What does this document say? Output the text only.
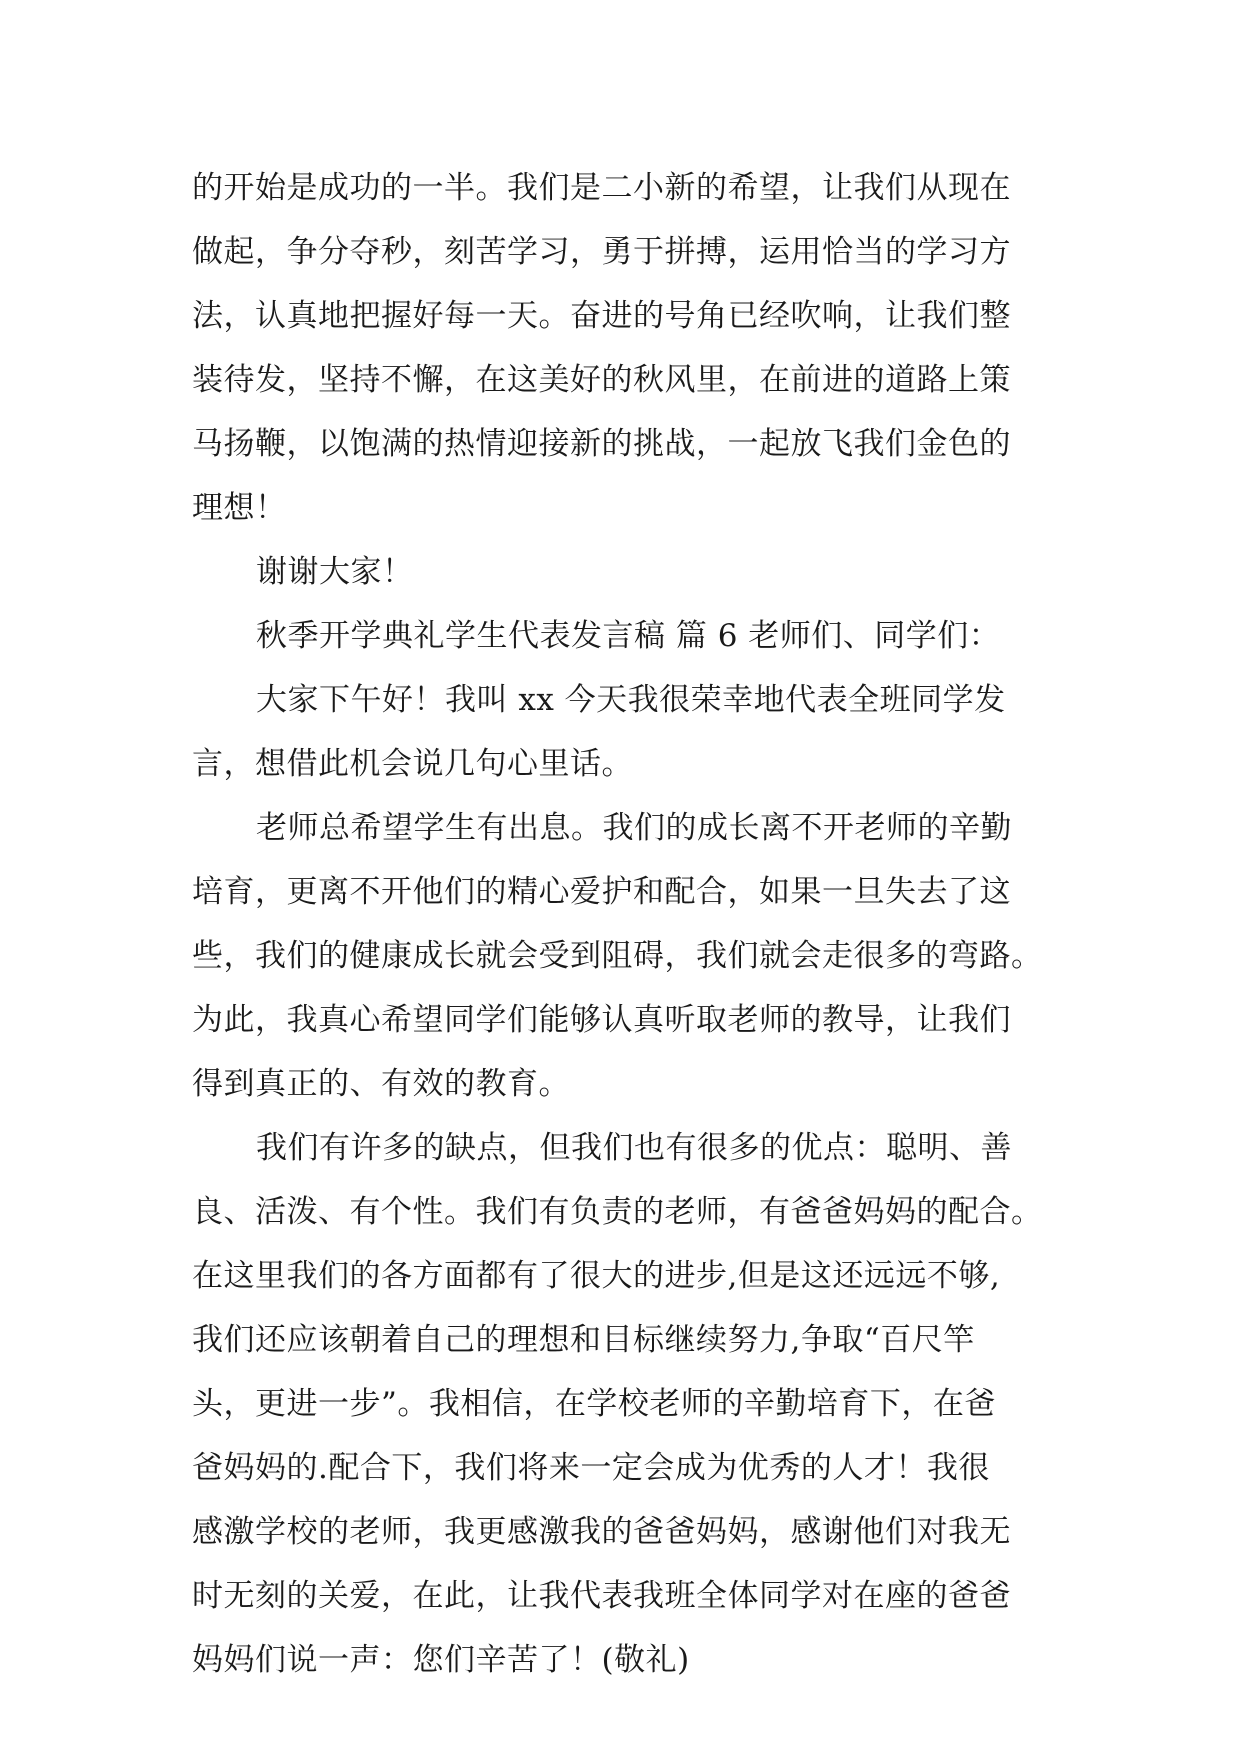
的开始是成功的一半。我们是二小新的希望，让我们从现在
做起，争分夺秒，刻苦学习，勇于拼搏，运用恰当的学习方
法，认真地把握好每一天。奋进的号角已经吹响，让我们整
装待发，坚持不懈，在这美好的秋风里，在前进的道路上策
马扬鞭，以饱满的热情迎接新的挑战，一起放飞我们金色的
理想！
谢谢大家！
秋季开学典礼学生代表发言稿 篇 6 老师们、同学们：
大家下午好！我叫 xx 今天我很荣幸地代表全班同学发
言，想借此机会说几句心里话。
老师总希望学生有出息。我们的成长离不开老师的辛勤
培育，更离不开他们的精心爱护和配合，如果一旦失去了这
些，我们的健康成长就会受到阻碍，我们就会走很多的弯路。
为此，我真心希望同学们能够认真听取老师的教导，让我们
得到真正的、有效的教育。
我们有许多的缺点，但我们也有很多的优点：聪明、善
良、活泼、有个性。我们有负责的老师，有爸爸妈妈的配合。
在这里我们的各方面都有了很大的进步,但是这还远远不够,
我们还应该朝着自己的理想和目标继续努力,争取“百尺竿
头，更进一步”。我相信，在学校老师的辛勤培育下，在爸
爸妈妈的.配合下，我们将来一定会成为优秀的人才！我很
感激学校的老师，我更感激我的爸爸妈妈，感谢他们对我无
时无刻的关爱，在此，让我代表我班全体同学对在座的爸爸
妈妈们说一声：您们辛苦了！(敬礼)
